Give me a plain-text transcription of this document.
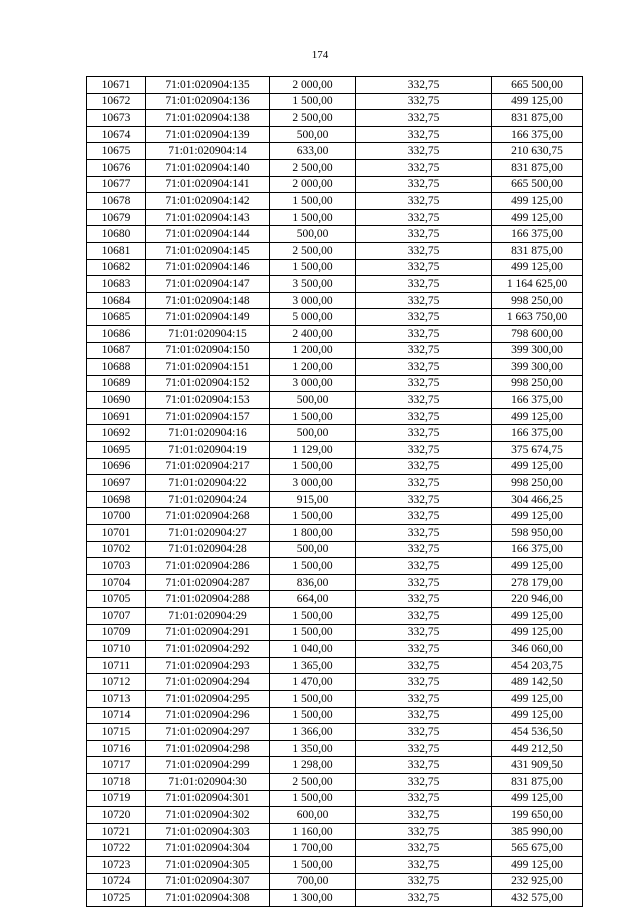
174
10671	71:01:020904:135	2 000,00	332,75	665 500,00
10672	71:01:020904:136	1 500,00	332,75	499 125,00
10673	71:01:020904:138	2 500,00	332,75	831 875,00
10674	71:01:020904:139	500,00	332,75	166 375,00
10675	71:01:020904:14	633,00	332,75	210 630,75
10676	71:01:020904:140	2 500,00	332,75	831 875,00
10677	71:01:020904:141	2 000,00	332,75	665 500,00
10678	71:01:020904:142	1 500,00	332,75	499 125,00
10679	71:01:020904:143	1 500,00	332,75	499 125,00
10680	71:01:020904:144	500,00	332,75	166 375,00
10681	71:01:020904:145	2 500,00	332,75	831 875,00
10682	71:01:020904:146	1 500,00	332,75	499 125,00
10683	71:01:020904:147	3 500,00	332,75	1 164 625,00
10684	71:01:020904:148	3 000,00	332,75	998 250,00
10685	71:01:020904:149	5 000,00	332,75	1 663 750,00
10686	71:01:020904:15	2 400,00	332,75	798 600,00
10687	71:01:020904:150	1 200,00	332,75	399 300,00
10688	71:01:020904:151	1 200,00	332,75	399 300,00
10689	71:01:020904:152	3 000,00	332,75	998 250,00
10690	71:01:020904:153	500,00	332,75	166 375,00
10691	71:01:020904:157	1 500,00	332,75	499 125,00
10692	71:01:020904:16	500,00	332,75	166 375,00
10695	71:01:020904:19	1 129,00	332,75	375 674,75
10696	71:01:020904:217	1 500,00	332,75	499 125,00
10697	71:01:020904:22	3 000,00	332,75	998 250,00
10698	71:01:020904:24	915,00	332,75	304 466,25
10700	71:01:020904:268	1 500,00	332,75	499 125,00
10701	71:01:020904:27	1 800,00	332,75	598 950,00
10702	71:01:020904:28	500,00	332,75	166 375,00
10703	71:01:020904:286	1 500,00	332,75	499 125,00
10704	71:01:020904:287	836,00	332,75	278 179,00
10705	71:01:020904:288	664,00	332,75	220 946,00
10707	71:01:020904:29	1 500,00	332,75	499 125,00
10709	71:01:020904:291	1 500,00	332,75	499 125,00
10710	71:01:020904:292	1 040,00	332,75	346 060,00
10711	71:01:020904:293	1 365,00	332,75	454 203,75
10712	71:01:020904:294	1 470,00	332,75	489 142,50
10713	71:01:020904:295	1 500,00	332,75	499 125,00
10714	71:01:020904:296	1 500,00	332,75	499 125,00
10715	71:01:020904:297	1 366,00	332,75	454 536,50
10716	71:01:020904:298	1 350,00	332,75	449 212,50
10717	71:01:020904:299	1 298,00	332,75	431 909,50
10718	71:01:020904:30	2 500,00	332,75	831 875,00
10719	71:01:020904:301	1 500,00	332,75	499 125,00
10720	71:01:020904:302	600,00	332,75	199 650,00
10721	71:01:020904:303	1 160,00	332,75	385 990,00
10722	71:01:020904:304	1 700,00	332,75	565 675,00
10723	71:01:020904:305	1 500,00	332,75	499 125,00
10724	71:01:020904:307	700,00	332,75	232 925,00
10725	71:01:020904:308	1 300,00	332,75	432 575,00
